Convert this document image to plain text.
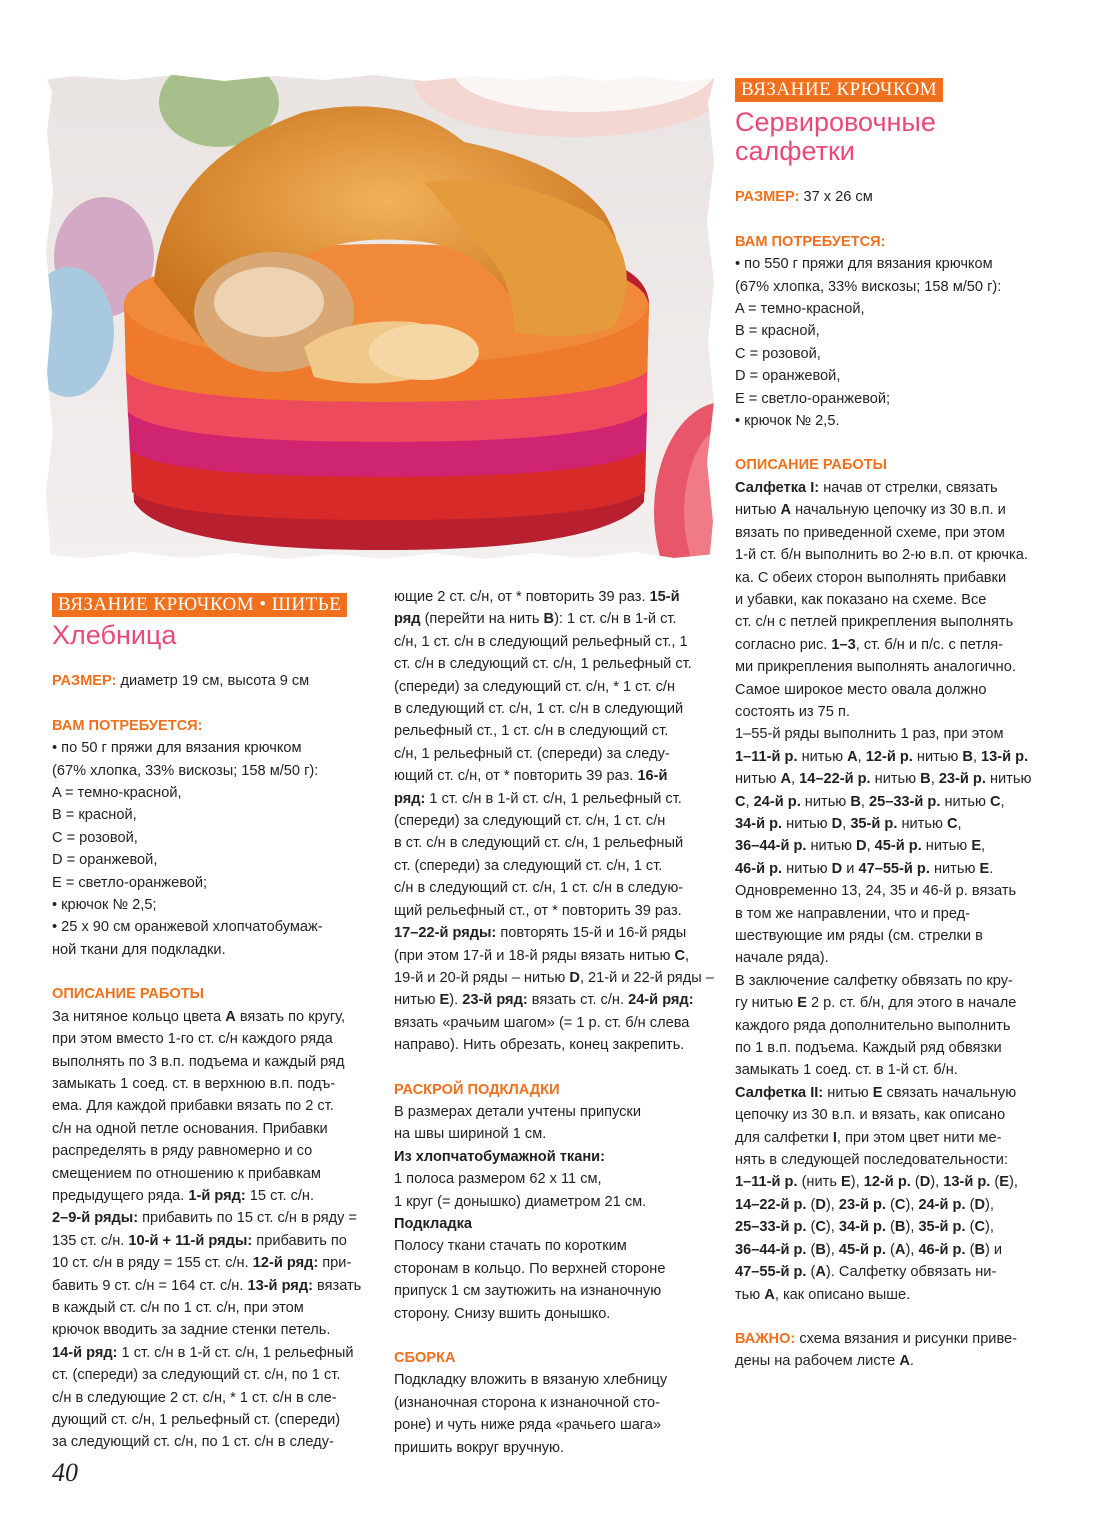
ВЯЗАНИЕ КРЮЧКОМ
Сервировочные
салфетки

РАЗМЕР: 37 х 26 см

ВАМ ПОТРЕБУЕТСЯ:

• по 550 г пряжи для вязания крючком

(67% хлопка, 33% вискозы; 158 м/50 г):

A = темно-красной,

B = красной,

C = розовой,

D = оранжевой,

E = светло-оранжевой;

• крючок № 2,5.

ОПИСАНИЕ РАБОТЫ

Салфетка I: начав от стрелки, связать

нитью A начальную цепочку из 30 в.п. и

вязать по приведенной схеме, при этом

1-й ст. б/н выполнить во 2-ю в.п. от крючка.

ка. С обеих сторон выполнять прибавки

и убавки, как показано на схеме. Все

ст. с/н с петлей прикрепления выполнять

согласно рис. 1–3, ст. б/н и п/с. с петля-

ми прикрепления выполнять аналогично.

Самое широкое место овала должно

состоять из 75 п.

1–55-й ряды выполнить 1 раз, при этом

1–11-й р. нитью A, 12-й р. нитью B, 13-й р.

нитью A, 14–22-й р. нитью B, 23-й р. нитью

C, 24-й р. нитью B, 25–33-й р. нитью C,

34-й р. нитью D, 35-й р. нитью C,

36–44-й р. нитью D, 45-й р. нитью E,

46-й р. нитью D и 47–55-й р. нитью E.

Одновременно 13, 24, 35 и 46-й р. вязать

в том же направлении, что и пред-

шествующие им ряды (см. стрелки в

начале ряда).

В заключение салфетку обвязать по кру-

гу нитью E 2 р. ст. б/н, для этого в начале

каждого ряда дополнительно выполнить

по 1 в.п. подъема. Каждый ряд обвязки

замыкать 1 соед. ст. в 1-й ст. б/н.

Салфетка II: нитью E связать начальную

цепочку из 30 в.п. и вязать, как описано

для салфетки I, при этом цвет нити ме-

нять в следующей последовательности:

1–11-й р. (нить E), 12-й р. (D), 13-й р. (E),

14–22-й р. (D), 23-й р. (C), 24-й р. (D),

25–33-й р. (C), 34-й р. (B), 35-й р. (C),

36–44-й р. (B), 45-й р. (A), 46-й р. (B) и

47–55-й р. (A). Салфетку обвязать ни-

тью A, как описано выше.

ВАЖНО: схема вязания и рисунки приве-

дены на рабочем листе A.

ВЯЗАНИЕ КРЮЧКОМ • ШИТЬЕ
Хлебница

РАЗМЕР: диаметр 19 см, высота 9 см

ВАМ ПОТРЕБУЕТСЯ:

• по 50 г пряжи для вязания крючком

(67% хлопка, 33% вискозы; 158 м/50 г):

A = темно-красной,

B = красной,

C = розовой,

D = оранжевой,

E = светло-оранжевой;

• крючок № 2,5;

• 25 х 90 см оранжевой хлопчатобумаж-

ной ткани для подкладки.

ОПИСАНИЕ РАБОТЫ

За нитяное кольцо цвета A вязать по кругу,

при этом вместо 1-го ст. с/н каждого ряда

выполнять по 3 в.п. подъема и каждый ряд

замыкать 1 соед. ст. в верхнюю в.п. подъ-

ема. Для каждой прибавки вязать по 2 ст.

с/н на одной петле основания. Прибавки

распределять в ряду равномерно и со

смещением по отношению к прибавкам

предыдущего ряда. 1-й ряд: 15 ст. с/н.

2–9-й ряды: прибавить по 15 ст. с/н в ряду =

135 ст. с/н. 10-й + 11-й ряды: прибавить по

10 ст. с/н в ряду = 155 ст. с/н. 12-й ряд: при-

бавить 9 ст. с/н = 164 ст. с/н. 13-й ряд: вязать

в каждый ст. с/н по 1 ст. с/н, при этом

крючок вводить за задние стенки петель.

14-й ряд: 1 ст. с/н в 1-й ст. с/н, 1 рельефный

ст. (спереди) за следующий ст. с/н, по 1 ст.

с/н в следующие 2 ст. с/н, * 1 ст. с/н в сле-

дующий ст. с/н, 1 рельефный ст. (спереди)

за следующий ст. с/н, по 1 ст. с/н в следу-

ющие 2 ст. с/н, от * повторить 39 раз. 15-й

ряд (перейти на нить B): 1 ст. с/н в 1-й ст.

с/н, 1 ст. с/н в следующий рельефный ст., 1

ст. с/н в следующий ст. с/н, 1 рельефный ст.

(спереди) за следующий ст. с/н, * 1 ст. с/н

в следующий ст. с/н, 1 ст. с/н в следующий

рельефный ст., 1 ст. с/н в следующий ст.

с/н, 1 рельефный ст. (спереди) за следу-

ющий ст. с/н, от * повторить 39 раз. 16-й

ряд: 1 ст. с/н в 1-й ст. с/н, 1 рельефный ст.

(спереди) за следующий ст. с/н, 1 ст. с/н

в ст. с/н в следующий ст. с/н, 1 рельефный

ст. (спереди) за следующий ст. с/н, 1 ст.

с/н в следующий ст. с/н, 1 ст. с/н в следую-

щий рельефный ст., от * повторить 39 раз.

17–22-й ряды: повторять 15-й и 16-й ряды

(при этом 17-й и 18-й ряды вязать нитью C,

19-й и 20-й ряды – нитью D, 21-й и 22-й ряды –

нитью E). 23-й ряд: вязать ст. с/н. 24-й ряд:

вязать «рачьим шагом» (= 1 р. ст. б/н слева

направо). Нить обрезать, конец закрепить.

РАСКРОЙ ПОДКЛАДКИ

В размерах детали учтены припуски

на швы шириной 1 см.

Из хлопчатобумажной ткани:

1 полоса размером 62 х 11 см,

1 круг (= донышко) диаметром 21 см.

Подкладка

Полосу ткани стачать по коротким

сторонам в кольцо. По верхней стороне

припуск 1 см заутюжить на изнаночную

сторону. Снизу вшить донышко.

СБОРКА

Подкладку вложить в вязаную хлебницу

(изнаночная сторона к изнаночной сто-

роне) и чуть ниже ряда «рачьего шага»

пришить вокруг вручную.

40
